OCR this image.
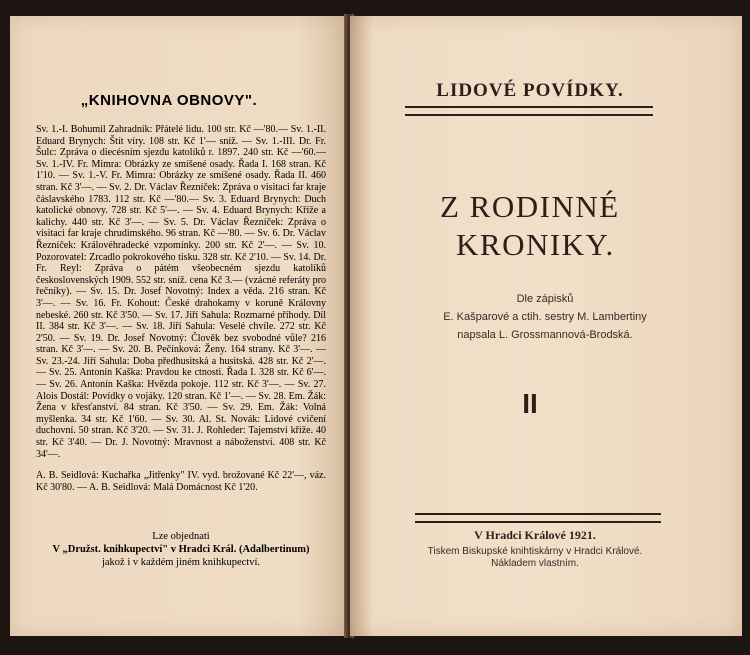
„KNIHOVNA OBNOVY".

Sv. 1.-I. Bohumil Zahradník: Přátelé lidu. 100 str. Kč —'80.— Sv. 1.-II. Eduard Brynych: Štít víry. 108 str. Kč 1'— sníž. — Sv. 1.-III. Dr. Fr. Šulc: Zpráva o diecésním sjezdu katolíků r. 1897. 240 str. Kč —'60.— Sv. 1.-IV. Fr. Mimra: Obrázky ze smíšené osady. Řada I. 168 stran. Kč 1'10. — Sv. 1.-V. Fr. Mimra: Obrázky ze smíšené osady. Řada II. 460 stran. Kč 3'—. — Sv. 2. Dr. Václav Řezníček: Zpráva o visitaci far kraje čáslavského 1783. 112 str. Kč —'80.— Sv. 3. Eduard Brynych: Duch katolické obnovy. 728 str. Kč 5'—. — Sv. 4. Eduard Brynych: Kříže a kalichy. 440 str. Kč 3'—. — Sv. 5. Dr. Václav Řezníček: Zpráva o visitaci far kraje chrudimského. 96 stran. Kč —'80. — Sv. 6. Dr. Václav Řezníček: Královéhradecké vzpomínky. 200 str. Kč 2'—. — Sv. 10. Pozorovatel: Zrcadlo pokrokového tisku. 328 str. Kč 2'10. — Sv. 14. Dr. Fr. Reyl: Zpráva o pátém všeobecném sjezdu katolíků československých 1909. 552 str. sníž. cena Kč 3.— (vzácné referáty pro řečníky). — Sv. 15. Dr. Josef Novotný: Index a věda. 216 stran. Kč 3'—. — Sv. 16. Fr. Kohout: České drahokamy v koruně Královny nebeské. 260 str. Kč 3'50. — Sv. 17. Jiří Sahula: Rozmarné příhody. Díl II. 384 str. Kč 3'—. — Sv. 18. Jiří Sahula: Veselé chvíle. 272 str. Kč 2'50. — Sv. 19. Dr. Josef Novotný: Člověk bez svobodné vůle? 216 stran. Kč 3'—. — Sv. 20. B. Pečínková: Ženy. 164 strany. Kč 3'—. — Sv. 23.-24. Jiří Sahula: Doba předhusitská a husitská. 428 str. Kč 2'—. — Sv. 25. Antonín Kaška: Pravdou ke ctnosti. Řada I. 328 str. Kč 6'—. — Sv. 26. Antonín Kaška: Hvězda pokoje. 112 str. Kč 3'—. — Sv. 27. Alois Dostál: Povídky o vojáky. 120 stran. Kč 1'—. — Sv. 28. Em. Žák: Žena v křesťanství. 84 stran. Kč 3'50. — Sv. 29. Em. Žák: Volná myšlenka. 34 str. Kč 1'60. — Sv. 30. Al. St. Novák: Lidové cvičení duchovní. 50 stran. Kč 3'20. — Sv. 31. J. Rohleder: Tajemství kříže. 40 str. Kč 3'40. — Dr. J. Novotný: Mravnost a náboženství. 408 str. Kč 34'—.

A. B. Seidlová: Kuchařka „Jitřenky" IV. vyd. brožované Kč 22'—, váz. Kč 30'80. — A. B. Seidlová: Malá Domácnost Kč 1'20.

Lze objednati
V „Družst. knihkupectví" v Hradci Král. (Adalbertinum)
jakož i v každém jiném knihkupectví.
LIDOVÉ POVÍDKY.
Z RODINNÉ
KRONIKY.
Dle zápisků
E. Kašparové a ctih. sestry M. Lambertiny
napsala L. Grossmannová-Brodská.
II
V Hradci Králové 1921.
Tiskem Biskupské knihtiskárny v Hradci Králové.
Nákladem vlastním.
